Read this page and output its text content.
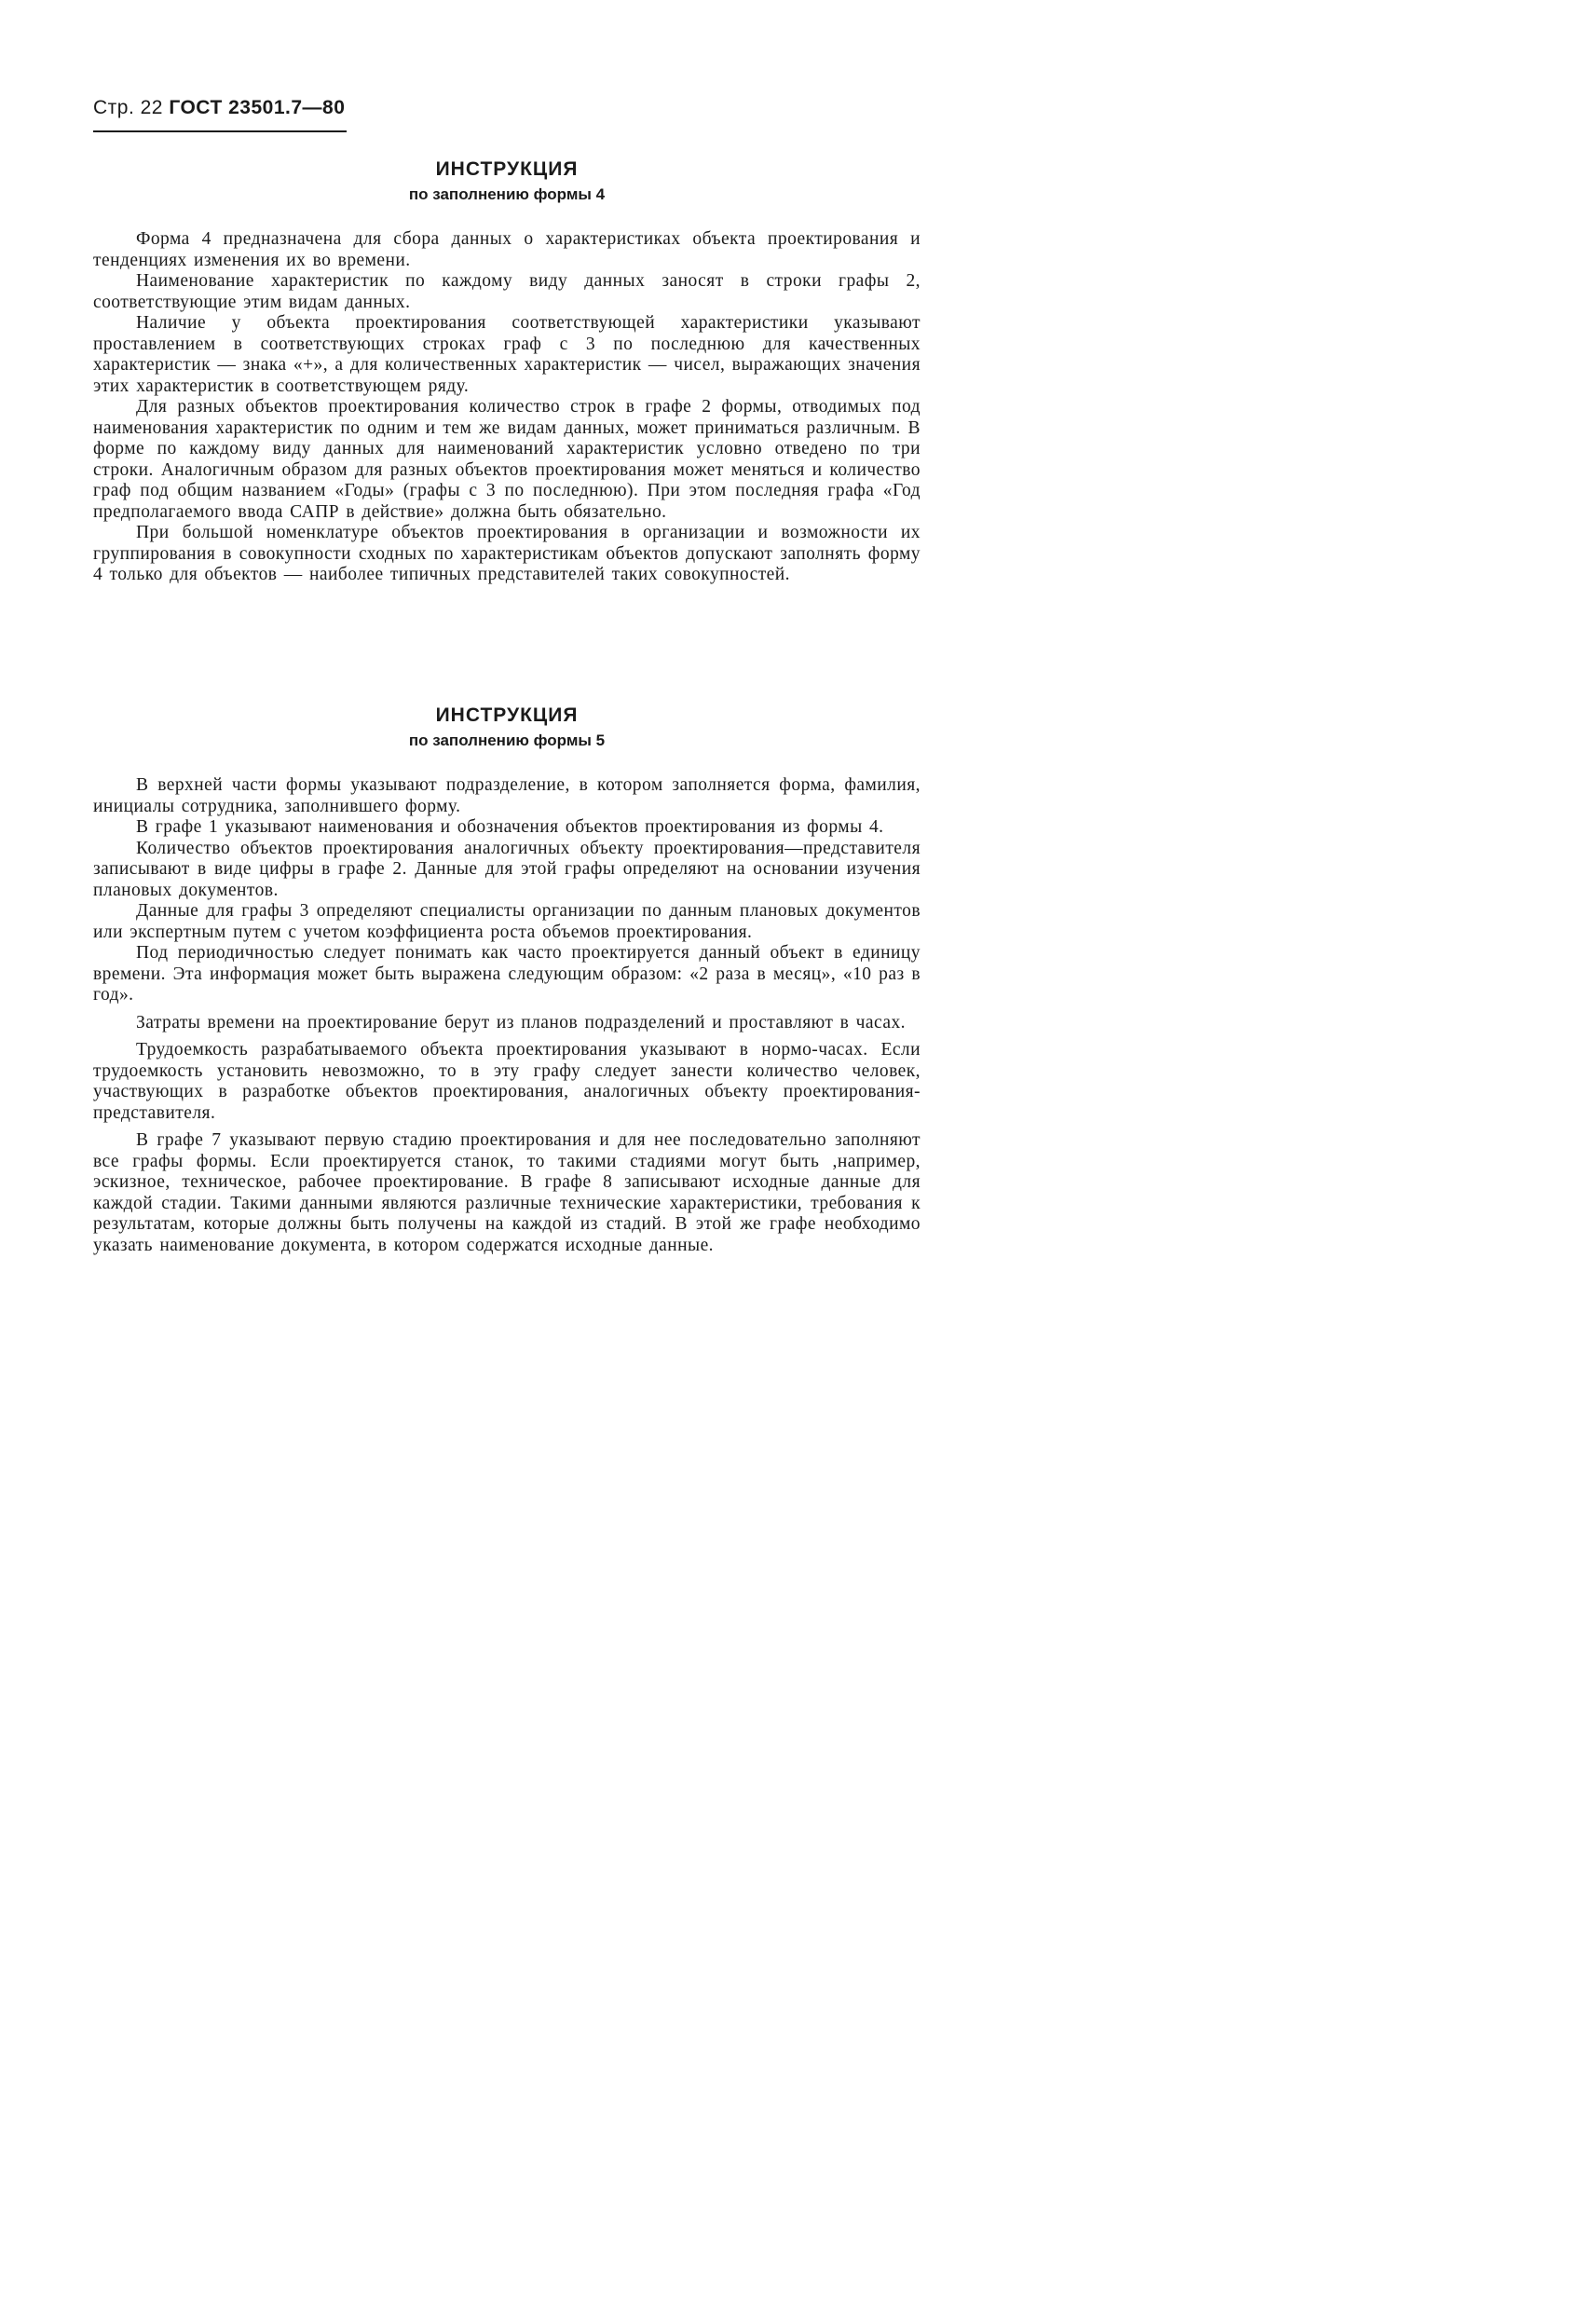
Стр. 22 ГОСТ 23501.7—80
ИНСТРУКЦИЯ
по заполнению формы 4

Форма 4 предназначена для сбора данных о характеристиках объекта проектирования и тенденциях изменения их во времени.

Наименование характеристик по каждому виду данных заносят в строки графы 2, соответствующие этим видам данных.

Наличие у объекта проектирования соответствующей характеристики указывают проставлением в соответствующих строках граф с 3 по последнюю для качественных характеристик — знака «+», а для количественных характеристик — чисел, выражающих значения этих характеристик в соответствующем ряду.

Для разных объектов проектирования количество строк в графе 2 формы, отводимых под наименования характеристик по одним и тем же видам данных, может приниматься различным. В форме по каждому виду данных для наименований характеристик условно отведено по три строки. Аналогичным образом для разных объектов проектирования может меняться и количество граф под общим названием «Годы» (графы с 3 по последнюю). При этом последняя графа «Год предполагаемого ввода САПР в действие» должна быть обязательно.

При большой номенклатуре объектов проектирования в организации и возможности их группирования в совокупности сходных по характеристикам объектов допускают заполнять форму 4 только для объектов — наиболее типичных представителей таких совокупностей.

ИНСТРУКЦИЯ
по заполнению формы 5

В верхней части формы указывают подразделение, в котором заполняется форма, фамилия, инициалы сотрудника, заполнившего форму.

В графе 1 указывают наименования и обозначения объектов проектирования из формы 4.

Количество объектов проектирования аналогичных объекту проектирования—представителя записывают в виде цифры в графе 2. Данные для этой графы определяют на основании изучения плановых документов.

Данные для графы 3 определяют специалисты организации по данным плановых документов или экспертным путем с учетом коэффициента роста объемов проектирования.

Под периодичностью следует понимать как часто проектируется данный объект в единицу времени. Эта информация может быть выражена следующим образом: «2 раза в месяц», «10 раз в год».

Затраты времени на проектирование берут из планов подразделений и проставляют в часах.

Трудоемкость разрабатываемого объекта проектирования указывают в нормо-часах. Если трудоемкость установить невозможно, то в эту графу следует занести количество человек, участвующих в разработке объектов проектирования, аналогичных объекту проектирования-представителя.

В графе 7 указывают первую стадию проектирования и для нее последовательно заполняют все графы формы. Если проектируется станок, то такими стадиями могут быть ,например, эскизное, техническое, рабочее проектирование. В графе 8 записывают исходные данные для каждой стадии. Такими данными являются различные технические характеристики, требования к результатам, которые должны быть получены на каждой из стадий. В этой же графе необходимо указать наименование документа, в котором содержатся исходные данные.
